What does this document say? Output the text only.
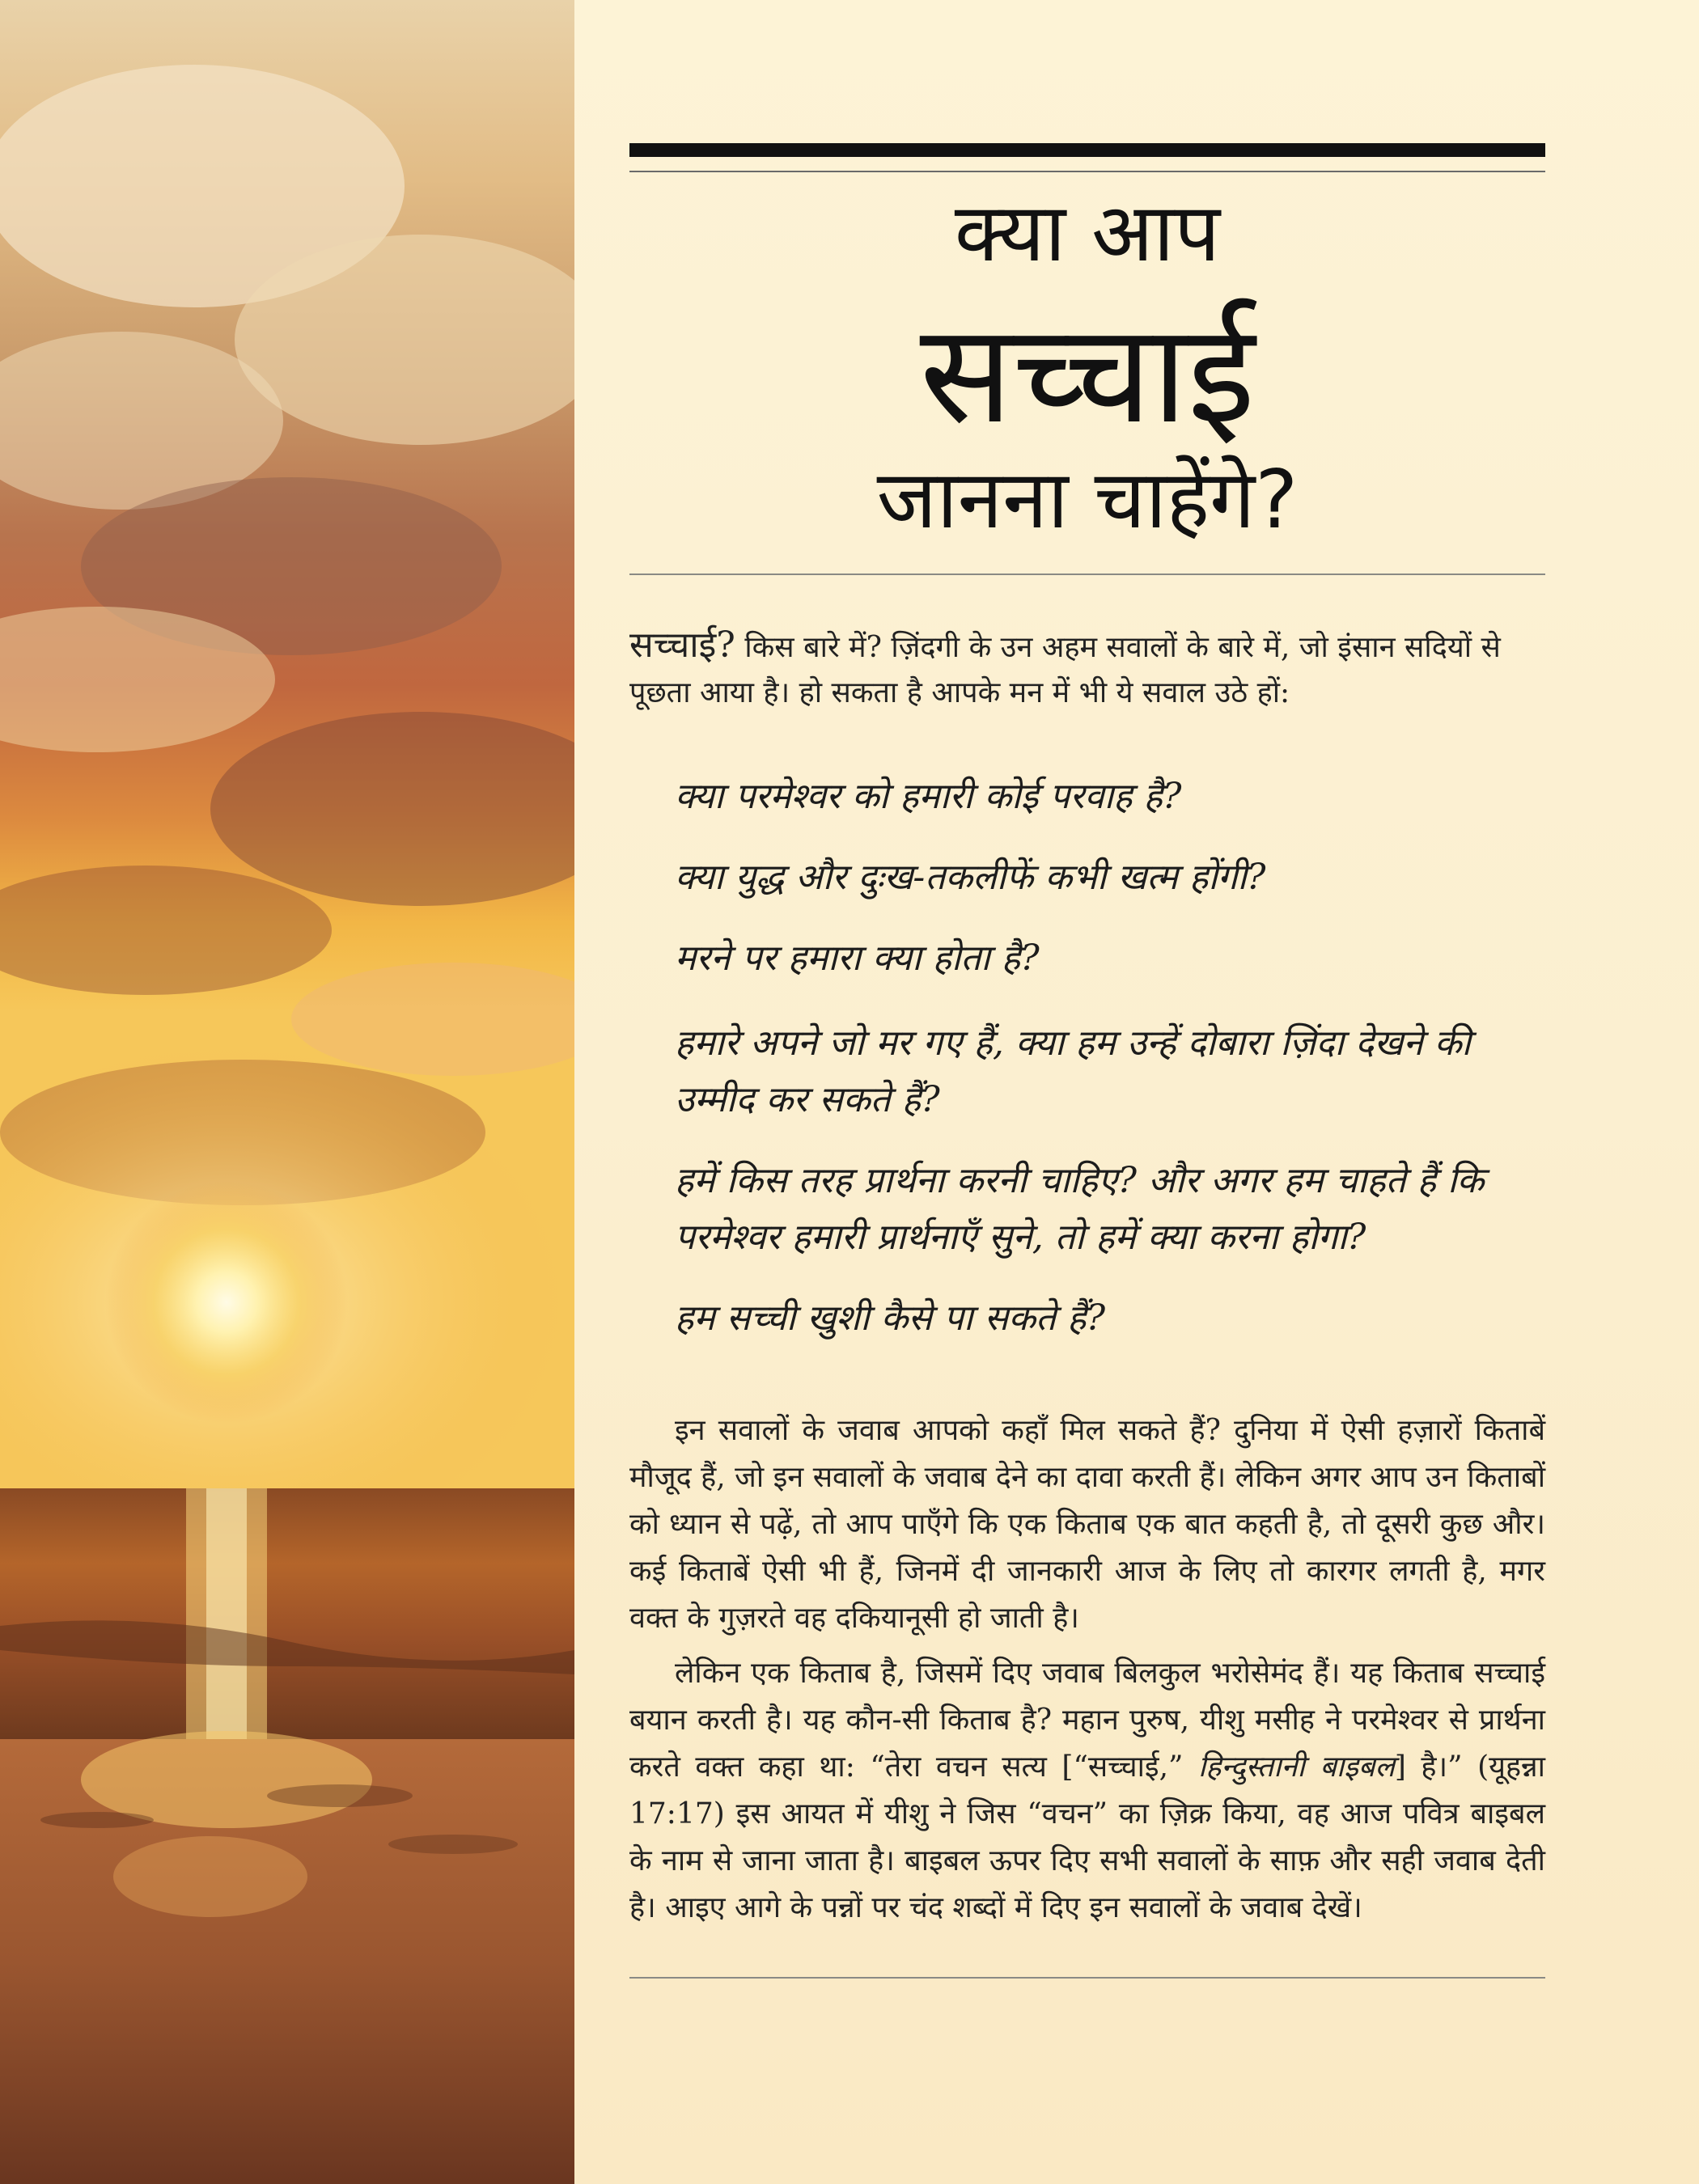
क्या आप
सच्चाई
जानना चाहेंगे?

सच्चाई? किस बारे में? ज़िंदगी के उन अहम सवालों के बारे में, जो इंसान सदियों से पूछता आया है। हो सकता है आपके मन में भी ये सवाल उठे हों:

क्या परमेश्वर को हमारी कोई परवाह है?

क्या युद्ध और दुःख-तकलीफें कभी खत्म होंगी?

मरने पर हमारा क्या होता है?

हमारे अपने जो मर गए हैं, क्या हम उन्हें दोबारा ज़िंदा देखने की उम्मीद कर सकते हैं?

हमें किस तरह प्रार्थना करनी चाहिए? और अगर हम चाहते हैं कि परमेश्वर हमारी प्रार्थनाएँ सुने, तो हमें क्या करना होगा?

हम सच्ची खुशी कैसे पा सकते हैं?

इन सवालों के जवाब आपको कहाँ मिल सकते हैं? दुनिया में ऐसी हज़ारों किताबें मौजूद हैं, जो इन सवालों के जवाब देने का दावा करती हैं। लेकिन अगर आप उन किताबों को ध्यान से पढ़ें, तो आप पाएँगे कि एक किताब एक बात कहती है, तो दूसरी कुछ और। कई किताबें ऐसी भी हैं, जिनमें दी जानकारी आज के लिए तो कारगर लगती है, मगर वक्त के गुज़रते वह दकियानूसी हो जाती है।

लेकिन एक किताब है, जिसमें दिए जवाब बिलकुल भरोसेमंद हैं। यह किताब सच्चाई बयान करती है। यह कौन-सी किताब है? महान पुरुष, यीशु मसीह ने परमेश्वर से प्रार्थना करते वक्त कहा था: “तेरा वचन सत्य [“सच्चाई,” हिन्दुस्तानी बाइबल] है।” (यूहन्ना 17:17) इस आयत में यीशु ने जिस “वचन” का ज़िक्र किया, वह आज पवित्र बाइबल के नाम से जाना जाता है। बाइबल ऊपर दिए सभी सवालों के साफ़ और सही जवाब देती है। आइए आगे के पन्नों पर चंद शब्दों में दिए इन सवालों के जवाब देखें।
